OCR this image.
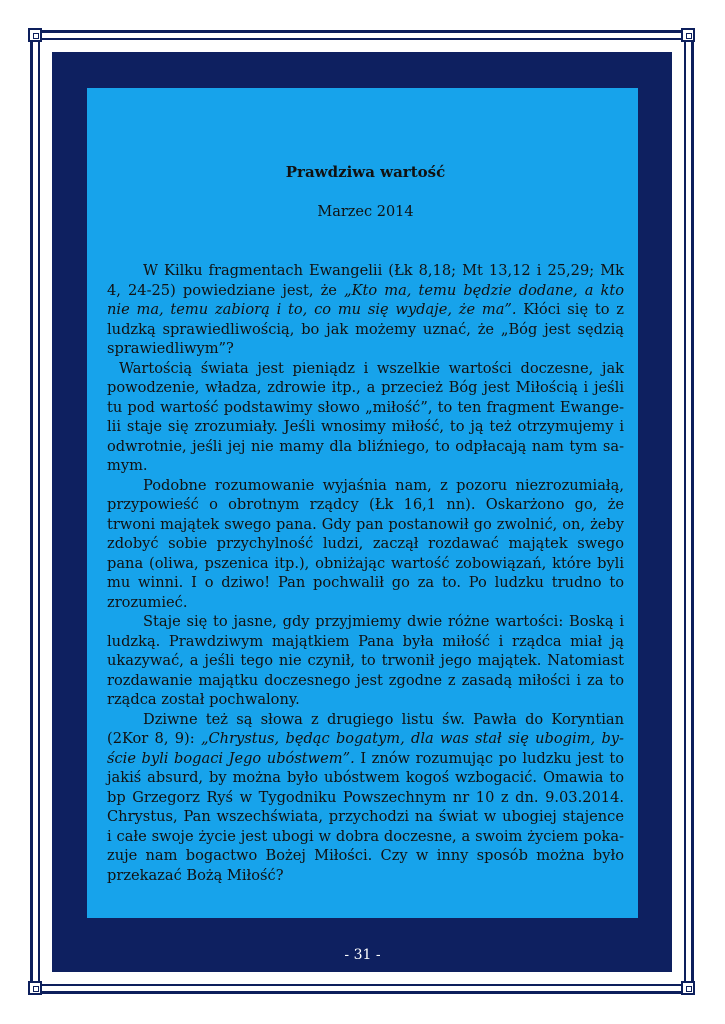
Prawdziwa wartość
Marzec 2014

W Kilku fragmentach Ewangelii (Łk 8,18; Mt 13,12 i 25,29; Mk 4, 24-25) powiedziane jest, że „Kto ma, temu będzie dodane, a kto nie ma, temu zabiorą i to, co mu się wydaje, że ma”. Kłóci się to z ludzką sprawiedliwością, bo jak możemy uznać, że „Bóg jest sędzią sprawiedliwym”?

Wartością świata jest pieniądz i wszelkie wartości doczesne, jak powodzenie, władza, zdrowie itp., a przecież Bóg jest Miłością i jeśli tu pod wartość podstawimy słowo „miłość”, to ten fragment Ewangelii staje się zrozumiały. Jeśli wnosimy miłość, to ją też otrzymujemy i odwrotnie, jeśli jej nie mamy dla bliźniego, to odpłacają nam tym samym.

Podobne rozumowanie wyjaśnia nam, z pozoru niezrozumiałą, przypowieść o obrotnym rządcy (Łk 16,1 nn). Oskarżono go, że trwoni majątek swego pana. Gdy pan postanowił go zwolnić, on, żeby zdobyć sobie przychylność ludzi, zaczął rozdawać majątek swego pana (oliwa, pszenica itp.), obniżając wartość zobowiązań, które byli mu winni. I o dziwo! Pan pochwalił go za to. Po ludzku trudno to zrozumieć.

Staje się to jasne, gdy przyjmiemy dwie różne wartości: Boską i ludzką. Prawdziwym majątkiem Pana była miłość i rządca miał ją ukazywać, a jeśli tego nie czynił, to trwonił jego majątek. Natomiast rozdawanie majątku doczesnego jest zgodne z zasadą miłości i za to rządca został pochwalony.

Dziwne też są słowa z drugiego listu św. Pawła do Koryntian (2Kor 8, 9): „Chrystus, będąc bogatym, dla was stał się ubogim, byście byli bogaci Jego ubóstwem”. I znów rozumując po ludzku jest to jakiś absurd, by można było ubóstwem kogoś wzbogacić. Omawia to bp Grzegorz Ryś w Tygodniku Powszechnym nr 10 z dn. 9.03.2014. Chrystus, Pan wszechświata, przychodzi na świat w ubogiej stajence i całe swoje życie jest ubogi w dobra doczesne, a swoim życiem pokazuje nam bogactwo Bożej Miłości. Czy w inny sposób można było przekazać Bożą Miłość?

- 31 -
